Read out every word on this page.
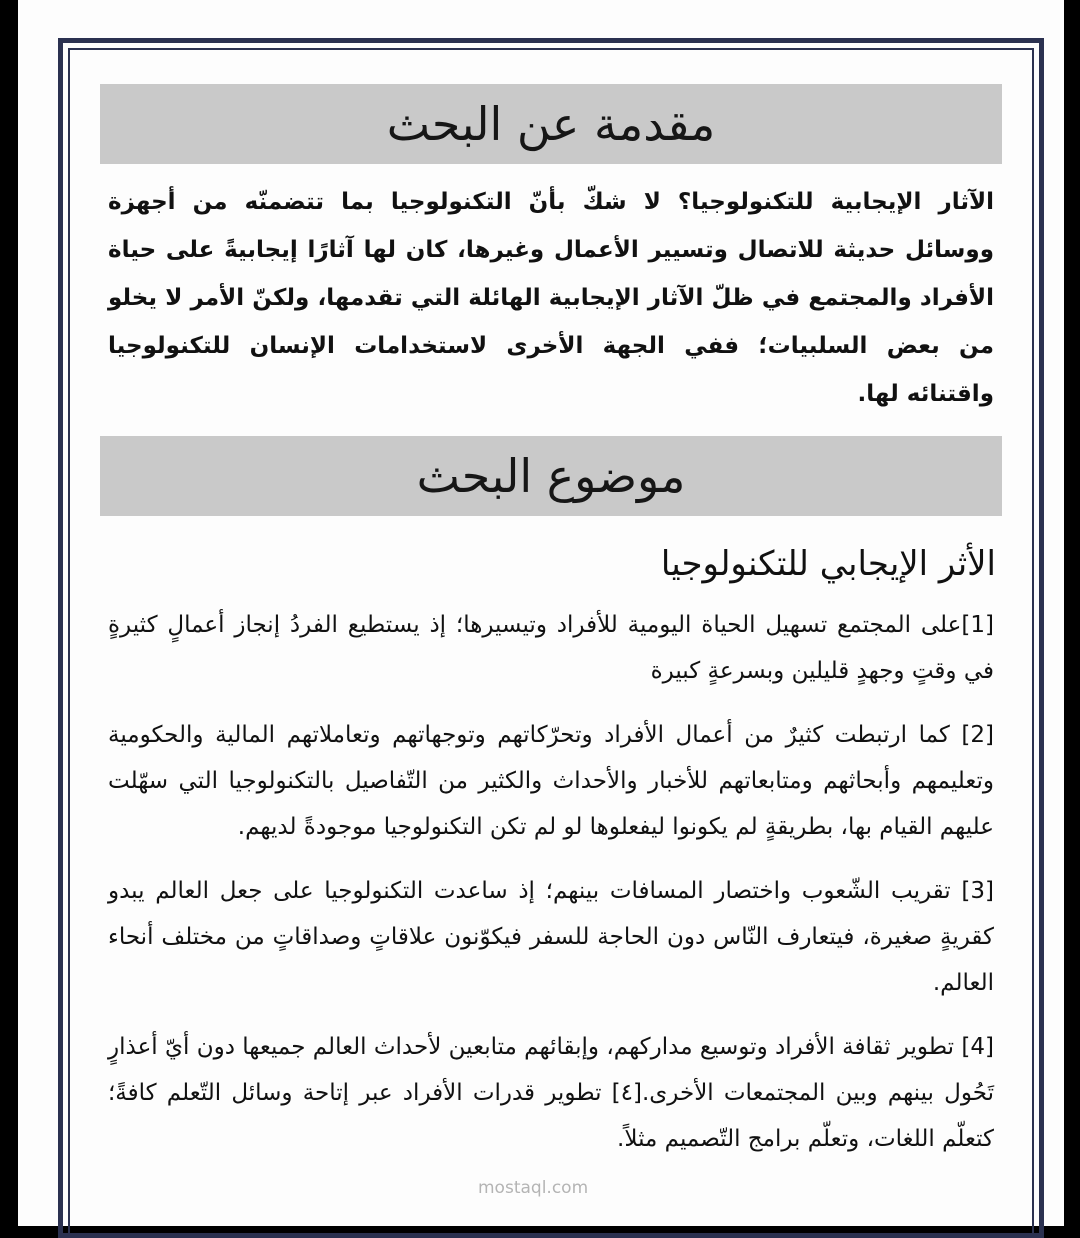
مقدمة عن البحث
الآثار الإيجابية للتكنولوجيا؟ لا شكّ بأنّ التكنولوجيا بما تتضمنّه من أجهزة ووسائل حديثة للاتصال وتسيير الأعمال وغيرها، كان لها آثارًا إيجابيةً على حياة الأفراد والمجتمع في ظلّ الآثار الإيجابية الهائلة التي تقدمها، ولكنّ الأمر لا يخلو من بعض السلبيات؛ ففي الجهة الأخرى لاستخدامات الإنسان للتكنولوجيا واقتنائه لها.
موضوع البحث
الأثر الإيجابي للتكنولوجيا
[1]على المجتمع تسهيل الحياة اليومية للأفراد وتيسيرها؛ إذ يستطيع الفردُ إنجاز أعمالٍ كثيرةٍ في وقتٍ وجهدٍ قليلين وبسرعةٍ كبيرة
[2] كما ارتبطت كثيرٌ من أعمال الأفراد وتحرّكاتهم وتوجهاتهم وتعاملاتهم المالية والحكومية وتعليمهم وأبحاثهم ومتابعاتهم للأخبار والأحداث والكثير من التّفاصيل بالتكنولوجيا التي سهّلت عليهم القيام بها، بطريقةٍ لم يكونوا ليفعلوها لو لم تكن التكنولوجيا موجودةً لديهم.
[3] تقريب الشّعوب واختصار المسافات بينهم؛ إذ ساعدت التكنولوجيا على جعل العالم يبدو كقريةٍ صغيرة، فيتعارف النّاس دون الحاجة للسفر فيكوّنون علاقاتٍ وصداقاتٍ من مختلف أنحاء العالم.
[4] تطوير ثقافة الأفراد وتوسيع مداركهم، وإبقائهم متابعين لأحداث العالم جميعها دون أيّ أعذارٍ تَحُول بينهم وبين المجتمعات الأخرى.[٤] تطوير قدرات الأفراد عبر إتاحة وسائل التّعلم كافةً؛ كتعلّم اللغات، وتعلّم برامج التّصميم مثلاً.
mostaql.com
